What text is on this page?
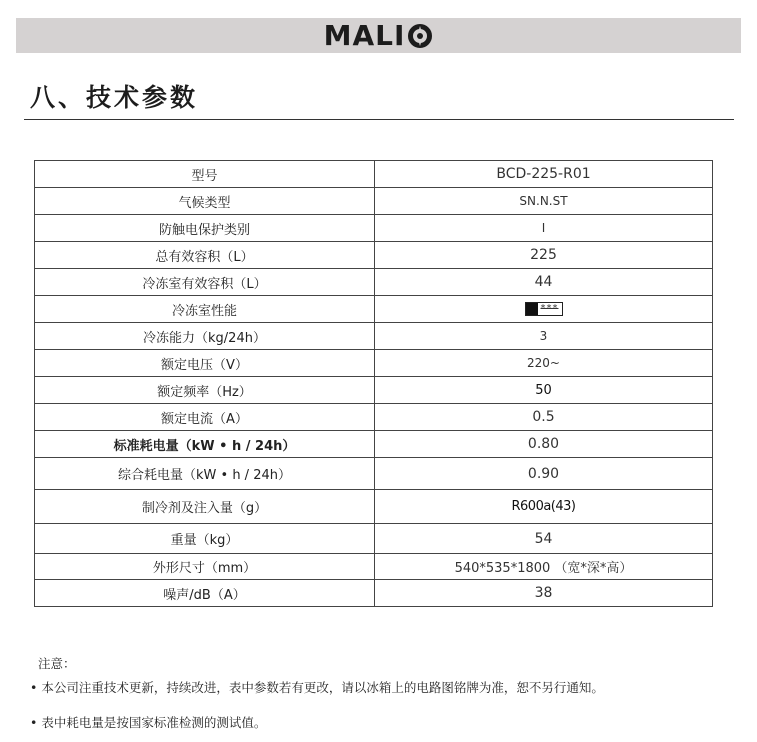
MALI
八、技术参数
型号	BCD-225-R01
气候类型	SN.N.ST
防触电保护类别	I
总有效容积（L）	225
冷冻室有效容积（L）	44
冷冻室性能	***

冷冻能力（kg/24h）	3
额定电压（V）	220~
额定频率（Hz）	50
额定电流（A）	0.5
标准耗电量（kW • h / 24h）	0.80
综合耗电量（kW • h / 24h）	0.90
制冷剂及注入量（g）	R600a(43)
重量（kg）	54
外形尺寸（mm）	540*535*1800 （宽*深*高）
噪声/dB（A）	38
注意：
• 本公司注重技术更新，持续改进，表中参数若有更改，请以冰箱上的电路图铭牌为准，恕不另行通知。
• 表中耗电量是按国家标准检测的测试值。
